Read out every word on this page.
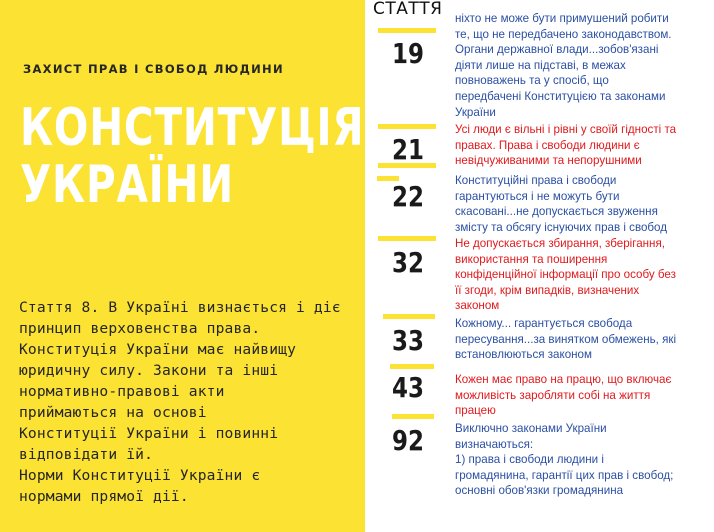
ЗАХИСТ ПРАВ І СВОБОД ЛЮДИНИ
КОНСТИТУЦІЯ
УКРАЇНИ

Стаття 8. В Україні визнається і діє

принцип верховенства права.

Конституція України має найвищу

юридичну силу. Закони та інші

нормативно-правові акти

приймаються на основі

Конституції України і повинні

відповідати їй.

Норми Конституції України є

нормами прямої дії.

СТАТТЯ
19
21
22
32
33
43
92
ніхто не може бути примушений робити
те, що не передбачено законодавством.
Органи державної влади...зобов'язані
діяти лише на підставі, в межах
повноважень та у спосіб, що
передбачені Конституцією та законами
України
Усі люди є вільні і рівні у своїй гідності та
правах. Права і свободи людини є
невідчуживаними та непорушними
Конституційні права і свободи
гарантуються і не можуть бути
скасовані...не допускається звуження
змісту та обсягу існуючих прав і свобод
Не допускається збирання, зберігання,
використання та поширення
конфіденційної інформації про особу без
її згоди, крім випадків, визначених
законом
Кожному... гарантується свобода
пересування...за винятком обмежень, які
встановлюються законом
Кожен має право на працю, що включає
можливість заробляти собі на життя
працею
Виключно законами України
визначаються:
1) права і свободи людини і
громадянина, гарантії цих прав і свобод;
основні обов'язки громадянина
